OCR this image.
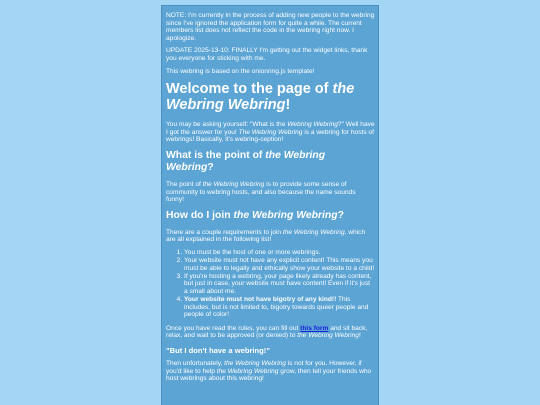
NOTE: I'm currently in the process of adding new people to the webring since I've ignored the application form for quite a while. The current members list does not reflect the code in the webring right now. I apologize.

UPDATE 2025-13-10: FINALLY I'm getting out the widget links, thank you everyone for sticking with me.

This webring is based on the onionring.js template!

Welcome to the page of the Webring Webring!

You may be asking yourself: "What is the Webring Webring?" Well have I got the answer for you! The Webring Webring is a webring for hosts of webrings! Basically, it's webring-ception!

What is the point of the Webring Webring?

The point of the Webring Webring is to provide some sense of community to webring hosts, and also because the name sounds funny!

How do I join the Webring Webring?

There are a couple requirements to join the Webring Webring, which are all explained in the following list!

1. You must be the host of one or more webrings.
2. Your website must not have any explicit content! This means you must be able to legally and ethically show your website to a child!
3. If you're hosting a webring, your page likely already has content, but just in case, your website must have content! Even if it's just a small about me.
4. Your website must not have bigotry of any kind!! This includes, but is not limited to, bigotry towards queer people and people of color!

Once you have read the rules, you can fill out this form and sit back, relax, and wait to be approved (or denied) to the Webring Webring!

"But I don't have a webring!"

Then unfortunately, the Webring Webring is not for you. However, if you'd like to help the Webring Webring grow, then tell your friends who host webrings about this webring!
